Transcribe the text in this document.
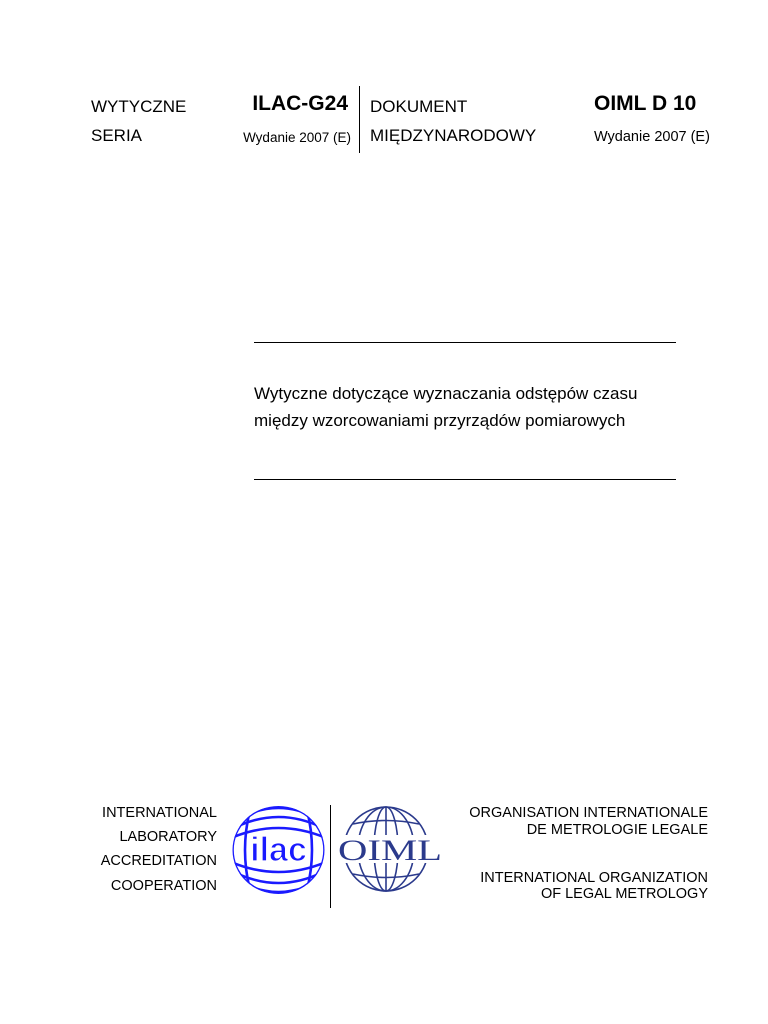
WYTYCZNE
SERIA
ILAC-G24
Wydanie 2007 (E)
DOKUMENT
MIĘDZYNARODOWY
OIML D 10
Wydanie 2007 (E)
Wytyczne dotyczące wyznaczania odstępów czasu
między wzorcowaniami przyrządów pomiarowych
INTERNATIONAL
LABORATORY
ACCREDITATION
COOPERATION
ilac OIML
ORGANISATION INTERNATIONALE
DE METROLOGIE LEGALE
INTERNATIONAL ORGANIZATION
OF LEGAL METROLOGY
